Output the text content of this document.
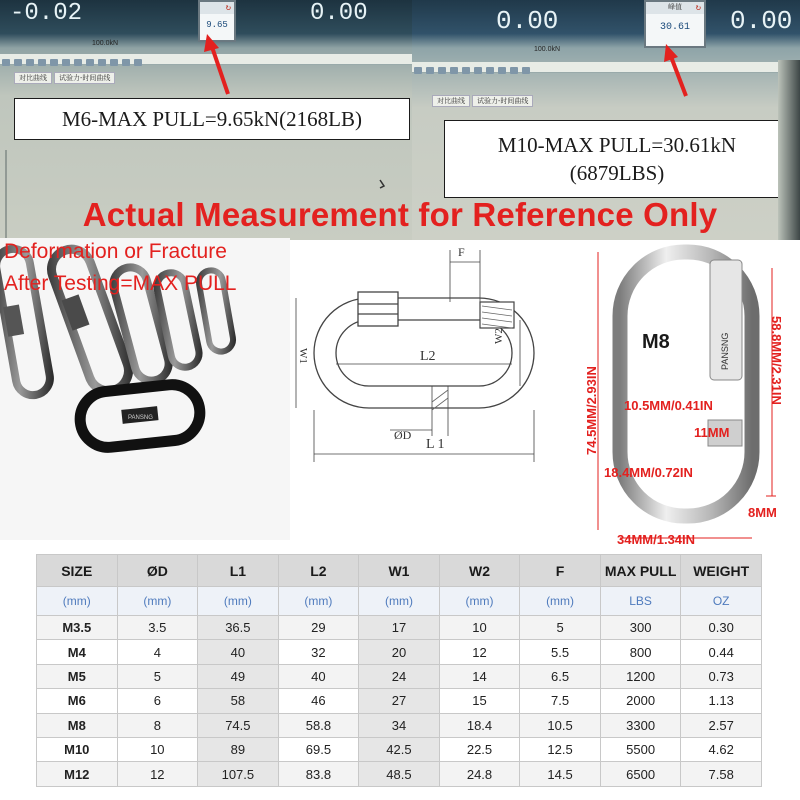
-0.02	↻
9.65	0.00
100.0kN
对比曲线 试验力-时间曲线
M6-MAX PULL=9.65kN(2168LB)
0.00	峰值 ↻
30.61	0.00
100.0kN
对比曲线 试验力-时间曲线
M10-MAX PULL=30.61kN
(6879LBS)
Actual Measurement for Reference Only
PANSNG
Deformation or Fracture
After Testing=MAX PULL
F
W1
W2
L2
ØD
L 1
M8	PANSNG
74.5MM/2.93IN
58.8MM/2.31IN
10.5MM/0.41IN
11MM
18.4MM/0.72IN
8MM
34MM/1.34IN
SIZE	ØD	L1	L2	W1	W2	F	MAX PULL	WEIGHT
(mm)	(mm)	(mm)	(mm)	(mm)	(mm)	(mm)	LBS	OZ
M3.5	3.5	36.5	29	17	10	5	300	0.30
M4	4	40	32	20	12	5.5	800	0.44
M5	5	49	40	24	14	6.5	1200	0.73
M6	6	58	46	27	15	7.5	2000	1.13
M8	8	74.5	58.8	34	18.4	10.5	3300	2.57
M10	10	89	69.5	42.5	22.5	12.5	5500	4.62
M12	12	107.5	83.8	48.5	24.8	14.5	6500	7.58
